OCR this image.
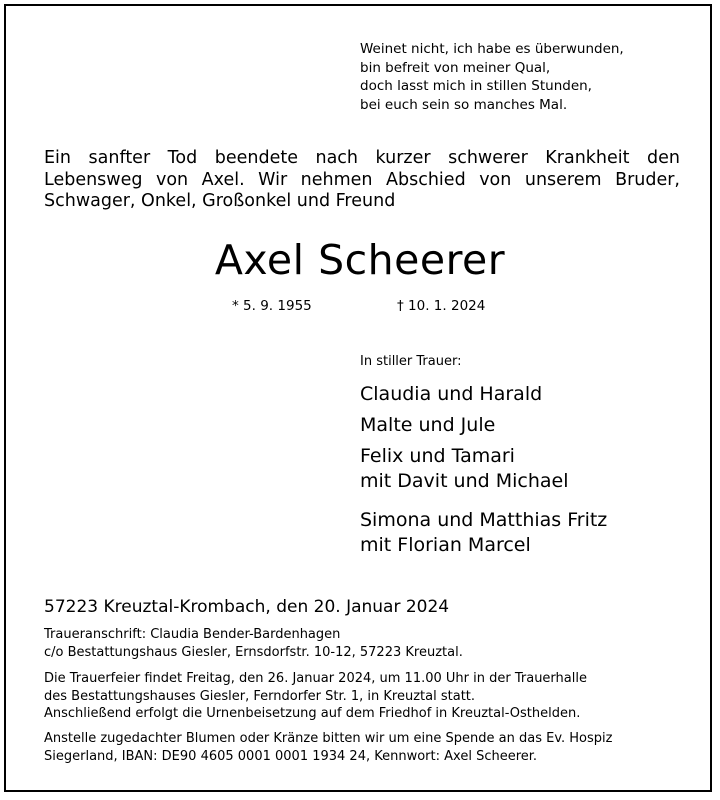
Weinet nicht, ich habe es überwunden,
bin befreit von meiner Qual,
doch lasst mich in stillen Stunden,
bei euch sein so manches Mal.
Ein sanfter Tod beendete nach kurzer schwerer Krankheit den Lebensweg von Axel. Wir nehmen Abschied von unserem Bruder, Schwager, Onkel, Großonkel und Freund
Axel Scheerer
* 5. 9. 1955	† 10. 1. 2024
In stiller Trauer:
Claudia und Harald
Malte und Jule
Felix und Tamari
mit Davit und Michael
Simona und Matthias Fritz
mit Florian Marcel
57223 Kreuztal-Krombach, den 20. Januar 2024
Traueranschrift: Claudia Bender-Bardenhagen
c/o Bestattungshaus Giesler, Ernsdorfstr. 10-12, 57223 Kreuztal.
Die Trauerfeier findet Freitag, den 26. Januar 2024, um 11.00 Uhr in der Trauerhalle
des Bestattungshauses Giesler, Ferndorfer Str. 1, in Kreuztal statt.
Anschließend erfolgt die Urnenbeisetzung auf dem Friedhof in Kreuztal-Osthelden.
Anstelle zugedachter Blumen oder Kränze bitten wir um eine Spende an das Ev. Hospiz
Siegerland, IBAN: DE90 4605 0001 0001 1934 24, Kennwort: Axel Scheerer.
